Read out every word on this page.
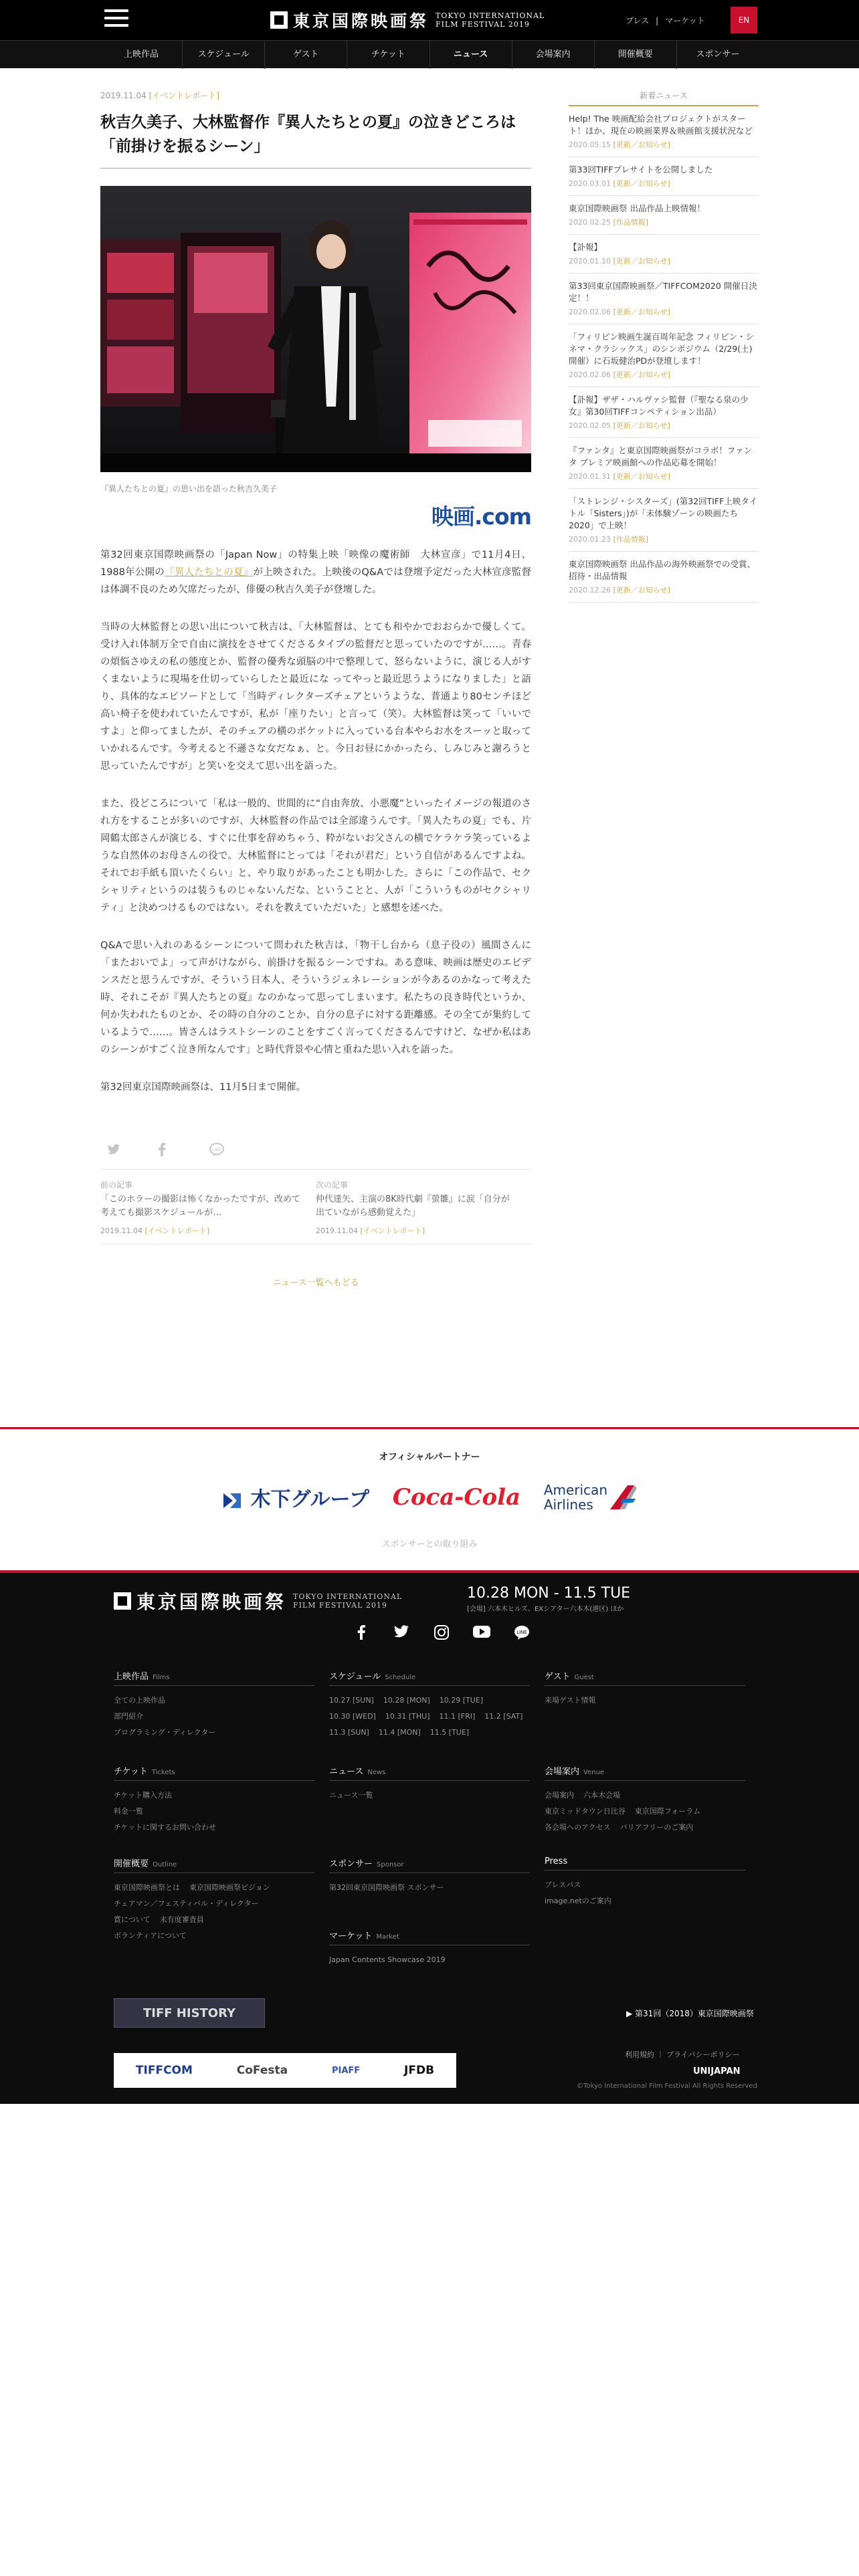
東京国際映画祭 TOKYO INTERNATIONAL
FILM FESTIVAL 2019	プレス | マーケット	EN
上映作品	スケジュール	ゲスト	チケット	ニュース	会場案内	開催概要	スポンサー
2019.11.04 [イベントレポート]
秋吉久美子、大林監督作『異人たちとの夏』の泣きどころは「前掛けを振るシーン」
『異人たちとの夏』の思い出を語った秋吉久美子
映画.com

第32回東京国際映画祭の「Japan Now」の特集上映「映像の魔術師　大林宣彦」で11月4日、1988年公開の『異人たちとの夏』が上映された。上映後のQ&Aでは登壇予定だった大林宣彦監督は体調不良のため欠席だったが、俳優の秋吉久美子が登壇した。

当時の大林監督との思い出について秋吉は、「大林監督は、とても和やかでおおらかで優しくて。受け入れ体制万全で自由に演技をさせてくださるタイプの監督だと思っていたのですが……。青春の煩悩さゆえの私の態度とか、監督の優秀な頭脳の中で整理して、怒らないように、演じる人がすくまないように現場を仕切っていらしたと最近にな ってやっと最近思うようになりました」と語り、具体的なエピソードとして「当時ディレクターズチェアというような、普通より80センチほど高い椅子を使われていたんですが、私が「座りたい」と言って（笑）。大林監督は笑って「いいですよ」と仰ってましたが、そのチェアの横のポケットに入っている台本やらお水をスーッと取っていかれるんです。今考えると不遜さな女だなぁ、と。今日お昼にかかったら、しみじみと謝ろうと思っていたんですが」と笑いを交えて思い出を語った。

また、役どころについて「私は一般的、世間的に“自由奔放、小悪魔”といったイメージの報道のされ方をすることが多いのですが、大林監督の作品では全部違うんです。「異人たちの夏」でも、片岡鶴太郎さんが演じる、すぐに仕事を辞めちゃう、粋がないお父さんの横でケラケラ笑っているような自然体のお母さんの役で。大林監督にとっては「それが君だ」という自信があるんですよね。それでお手紙も頂いたくらい」と、やり取りがあったことも明かした。さらに「この作品で、セクシャリティというのは装うものじゃないんだな、ということと、人が「こういうものがセクシャリティ」と決めつけるものではない。それを教えていただいた」と感想を述べた。

Q&Aで思い入れのあるシーンについて問われた秋吉は、「物干し台から（息子役の）風間さんに「またおいでよ」って声がけながら、前掛けを振るシーンですね。ある意味、映画は歴史のエビデンスだと思うんですが、そういう日本人、そういうジェネレーションが今あるのかなって考えた時、それこそが『異人たちとの夏』なのかなって思ってしまいます。私たちの良き時代というか、何か失われたものとか、その時の自分のことか、自分の息子に対する距離感。その全てが集約しているようで……。皆さんはラストシーンのことをすごく言ってくださるんですけど、なぜか私はあのシーンがすごく泣き所なんです」と時代背景や心情と重ねた思い入れを語った。

第32回東京国際映画祭は、11月5日まで開催。

LINE
前の記事
「このホラーの撮影は怖くなかったですが、改めて考えても撮影スケジュールが…
2019.11.04 [イベントレポート]
次の記事
仲代達矢、主演の8K時代劇『螢雛』に涙「自分が出ていながら感動覚えた」
2019.11.04 [イベントレポート]
ニュース一覧へもどる
新着ニュース
Help! The 映画配給会社プロジェクトがスタート！ほか、現在の映画業界＆映画館支援状況など
2020.05.15 [更新／お知らせ]
第33回TIFFプレサイトを公開しました
2020.03.01 [更新／お知らせ]
東京国際映画祭 出品作品上映情報！
2020.02.25 [作品情報]
【訃報】
2020.01.10 [更新／お知らせ]
第33回東京国際映画祭／TIFFCOM2020 開催日決定！！
2020.02.06 [更新／お知らせ]
「フィリピン映画生誕百周年記念 フィリピン・シネマ・クラシックス」のシンポジウム（2/29(土)開催）に石坂健治PDが登壇します！
2020.02.06 [更新／お知らせ]
【訃報】ザザ・ハルヴァシ監督（『聖なる泉の少女』第30回TIFFコンペティション出品）
2020.02.05 [更新／お知らせ]
『ファンタ』と東京国際映画祭がコラボ！ファンタ プレミア映画館への作品応募を開始！
2020.01.31 [更新／お知らせ]
「ストレンジ・シスターズ」(第32回TIFF上映タイトル「Sisters」)が「未体験ゾーンの映画たち 2020」で上映！
2020.01.23 [作品情報]
東京国際映画祭 出品作品の海外映画祭での受賞、招待・出品情報
2020.12.26 [更新／お知らせ]
オフィシャルパートナー
木下グループ Coca-Cola American
Airlines
スポンサーとの取り組み
東京国際映画祭 TOKYO INTERNATIONAL
FILM FESTIVAL 2019
10.28 MON - 11.5 TUE
[会場] 六本木ヒルズ、EXシアター六本木(港区) ほか
LINE
上映作品 Films
全ての上映作品
部門紹介
プログラミング・ディレクター
スケジュール Schedule
10.27 [SUN] 10.28 [MON] 10.29 [TUE]
10.30 [WED] 10.31 [THU] 11.1 [FRI] 11.2 [SAT]
11.3 [SUN] 11.4 [MON] 11.5 [TUE]
ゲスト Guest
来場ゲスト情報
チケット Tickets
チケット購入方法
料金一覧
チケットに関するお問い合わせ
ニュース News
ニュース一覧
会場案内 Venue
会場案内 六本木会場
東京ミッドタウン日比谷 東京国際フォーラム
各会場へのアクセス バリアフリーのご案内
開催概要 Outline
東京国際映画祭とは 東京国際映画祭ビジョン
チェアマン／フェスティバル・ディレクター
賞について 未有度審査員
ボランティアについて
スポンサー Sponsor
第32回東京国際映画祭 スポンサー
Press
プレスパス
image.netのご案内
マーケット Market
Japan Contents Showcase 2019
TIFF HISTORY	▶ 第31回（2018）東京国際映画祭
TIFFCOM	CoFesta	PIAFF	JFDB
利用規約 ｜ プライバシーポリシー
UNIJAPAN
©Tokyo International Film Festival All Rights Reserved
